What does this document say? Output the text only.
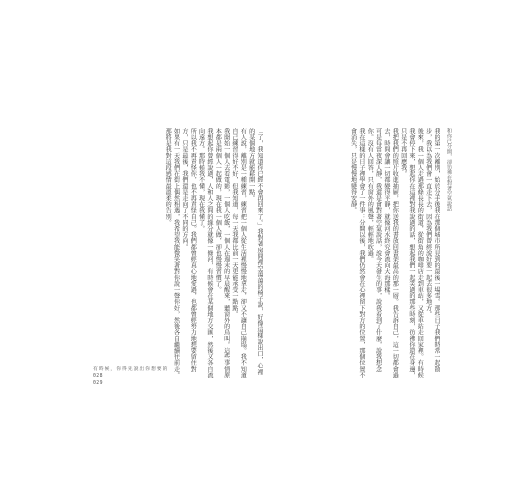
和你已分開，卻彷彿在對著空氣說話

我的第一次離別，始於分手後我在那個城市所見到的最後一場雪。那些日子我們時常一起散步，我以為我們會一直走下去，因為我們曾經說好要一起去很多地方。

後來，我一個人走過那條長長的街道，從街角的咖啡店走到車站，又從車站走回家裡。有時候我會停下來，想起你在這裡對我說過的話，想起我們一起笑過的那些時刻，彷彿你還在身邊，只是不再回應我。

我把我們的照片收進抽屜，把你送我的書放回書架最高的那一層。我告訴自己，這一切都會過去，時間會讓一切都變得平靜，就像河水終究會流向大海那樣。

可是每當夜深人靜，我還是會對著空氣說話，說今天發生的事，說我看到了什麼，說我想念你。沒有人回答，只有窗外的風聲，輕輕地吹過。

我在這樣的日子裡學會了一件事：分開以後，我們仍然會在心裡留下對方的位置，那個位置不會消失，只是慢慢地變得安靜。

「了，我知道你已經不會再回來了。」我對著房間裡空蕩蕩的椅子說，好像這樣說出口，心裡的某個地方就能鬆開一點。

有人說，離別是一種練習，練習把一個人從生活裡慢慢地拿走，卻又不讓自己崩塌。我不知道自己練習得好不好，但我知道，每一天我都比前一天更能承受一點點。

我開始一個人去看電影，一個人吃飯，一個人在週末的早晨醒來，聽窗外的鳥叫。這些事情原本都是兩個人一起做的，現在我一個人做，卻也慢慢習慣了。

我想起你曾經說過，人和人之間的緣分就像一條河，有時候會在某個地方交匯，然後又各自流向遠方。那時候我不懂，現在我懂了。

所以我不再責怪你，也不再責怪自己。我們都曾經真心地愛過，也都曾經努力地想要留住對方，只是最後，我們還是走向了不同的方向。

如果有一天我們在街上偶然相遇，我希望我能微笑著對你說一聲你好，然後各自繼續往前走。那將是我對這段感情最溫柔的告別。

有時候，你得先說出你想要的
028
029
